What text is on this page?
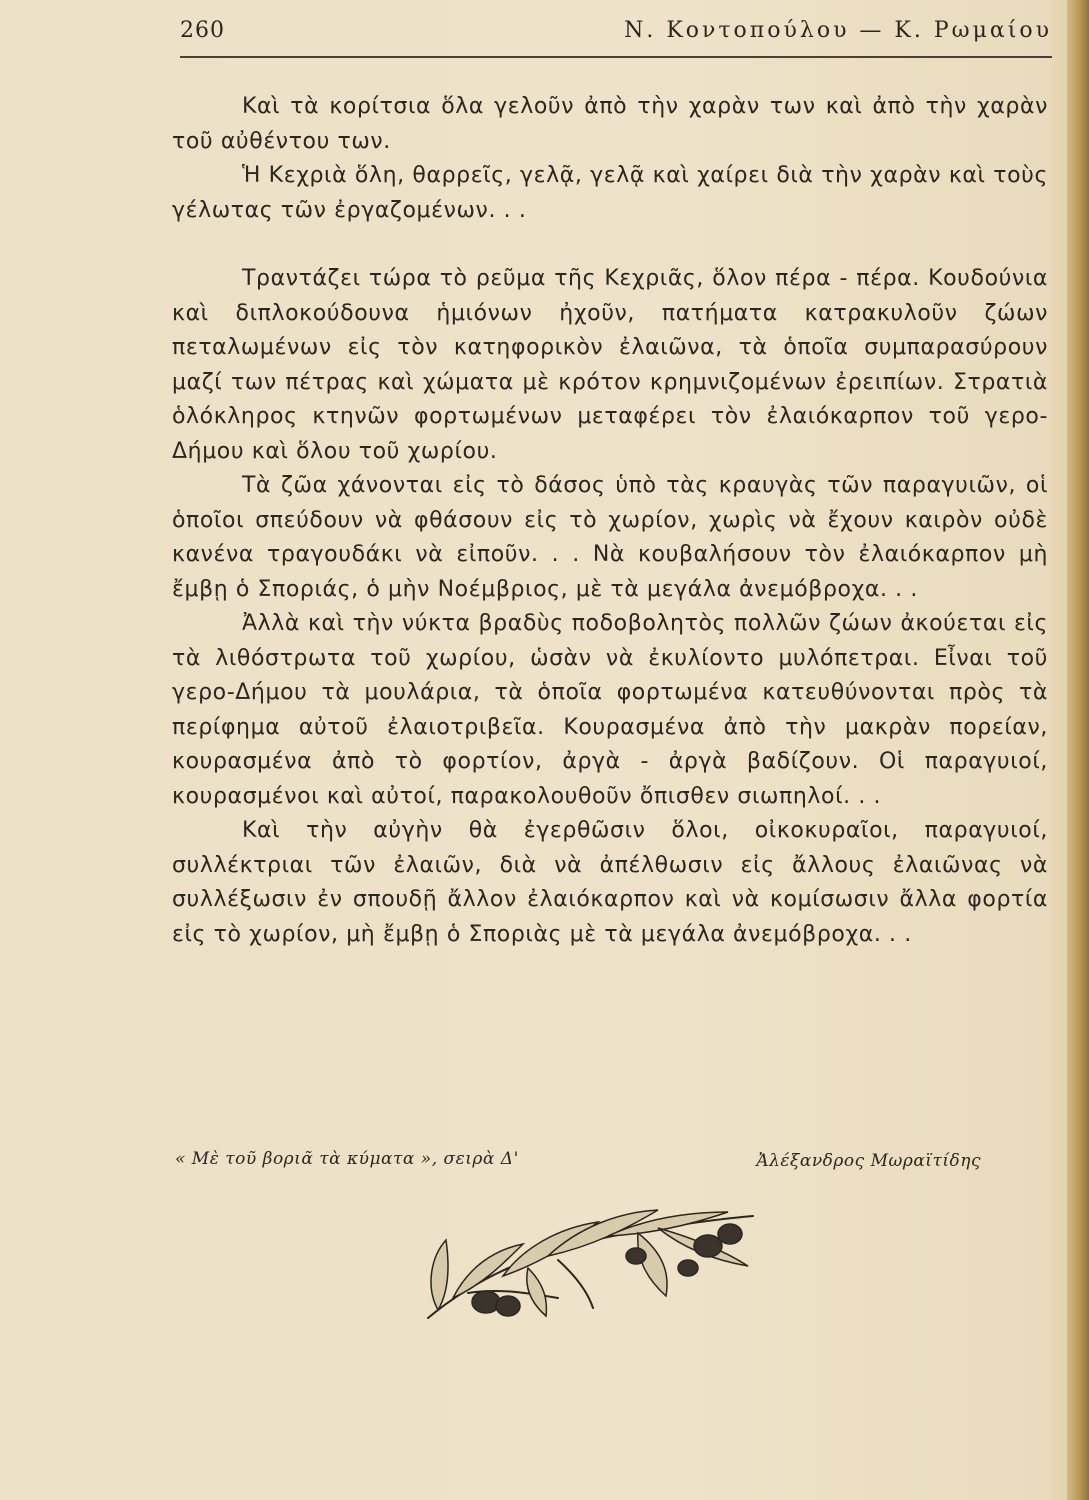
260	Ν. Κοντοπούλου — Κ. Ρωμαίου

Καὶ τὰ κορίτσια ὅλα γελοῦν ἀπὸ τὴν χαρὰν των καὶ ἀπὸ τὴν χαρὰν τοῦ αὐθέντου των.

Ἡ Κεχριὰ ὅλη, θαρρεῖς, γελᾷ, γελᾷ καὶ χαίρει διὰ τὴν χαρὰν καὶ τοὺς γέλωτας τῶν ἐργαζομένων. . .

Τραντάζει τώρα τὸ ρεῦμα τῆς Κεχριᾶς, ὅλον πέρα - πέρα. Κουδούνια καὶ διπλοκούδουνα ἡμιόνων ἠχοῦν, πατήματα κατρακυλοῦν ζώων πεταλωμένων εἰς τὸν κατηφορικὸν ἐλαιῶνα, τὰ ὁποῖα συμπαρασύρουν μαζί των πέτρας καὶ χώματα μὲ κρότον κρημνιζομένων ἐρειπίων. Στρατιὰ ὁλόκληρος κτηνῶν φορτωμένων μεταφέρει τὸν ἐλαιόκαρπον τοῦ γερο-Δήμου καὶ ὅλου τοῦ χωρίου.

Τὰ ζῶα χάνονται εἰς τὸ δάσος ὑπὸ τὰς κραυγὰς τῶν παραγυιῶν, οἱ ὁποῖοι σπεύδουν νὰ φθάσουν εἰς τὸ χωρίον, χωρὶς νὰ ἔχουν καιρὸν οὐδὲ κανένα τραγουδάκι νὰ εἰποῦν. . . Νὰ κουβαλήσουν τὸν ἐλαιόκαρπον μὴ ἔμβῃ ὁ Σποριάς, ὁ μὴν Νοέμβριος, μὲ τὰ μεγάλα ἀνεμόβροχα. . .

Ἀλλὰ καὶ τὴν νύκτα βραδὺς ποδοβολητὸς πολλῶν ζώων ἀκούεται εἰς τὰ λιθόστρωτα τοῦ χωρίου, ὡσὰν νὰ ἐκυλίοντο μυλόπετραι. Εἶναι τοῦ γερο-Δήμου τὰ μουλάρια, τὰ ὁποῖα φορτωμένα κατευθύνονται πρὸς τὰ περίφημα αὐτοῦ ἐλαιοτριβεῖα. Κουρασμένα ἀπὸ τὴν μακρὰν πορείαν, κουρασμένα ἀπὸ τὸ φορτίον, ἀργὰ - ἀργὰ βαδίζουν. Οἱ παραγυιοί, κουρασμένοι καὶ αὐτοί, παρακολουθοῦν ὄπισθεν σιωπηλοί. . .

Καὶ τὴν αὐγὴν θὰ ἐγερθῶσιν ὅλοι, οἰκοκυραῖοι, παραγυιοί, συλλέκτριαι τῶν ἐλαιῶν, διὰ νὰ ἀπέλθωσιν εἰς ἄλλους ἐλαιῶνας νὰ συλλέξωσιν ἐν σπουδῇ ἄλλον ἐλαιόκαρπον καὶ νὰ κομίσωσιν ἄλλα φορτία εἰς τὸ χωρίον, μὴ ἔμβῃ ὁ Σποριὰς μὲ τὰ μεγάλα ἀνεμόβροχα. . .

« Μὲ τοῦ βοριᾶ τὰ κύματα », σειρὰ Δ'	Ἀλέξανδρος Μωραϊτίδης
